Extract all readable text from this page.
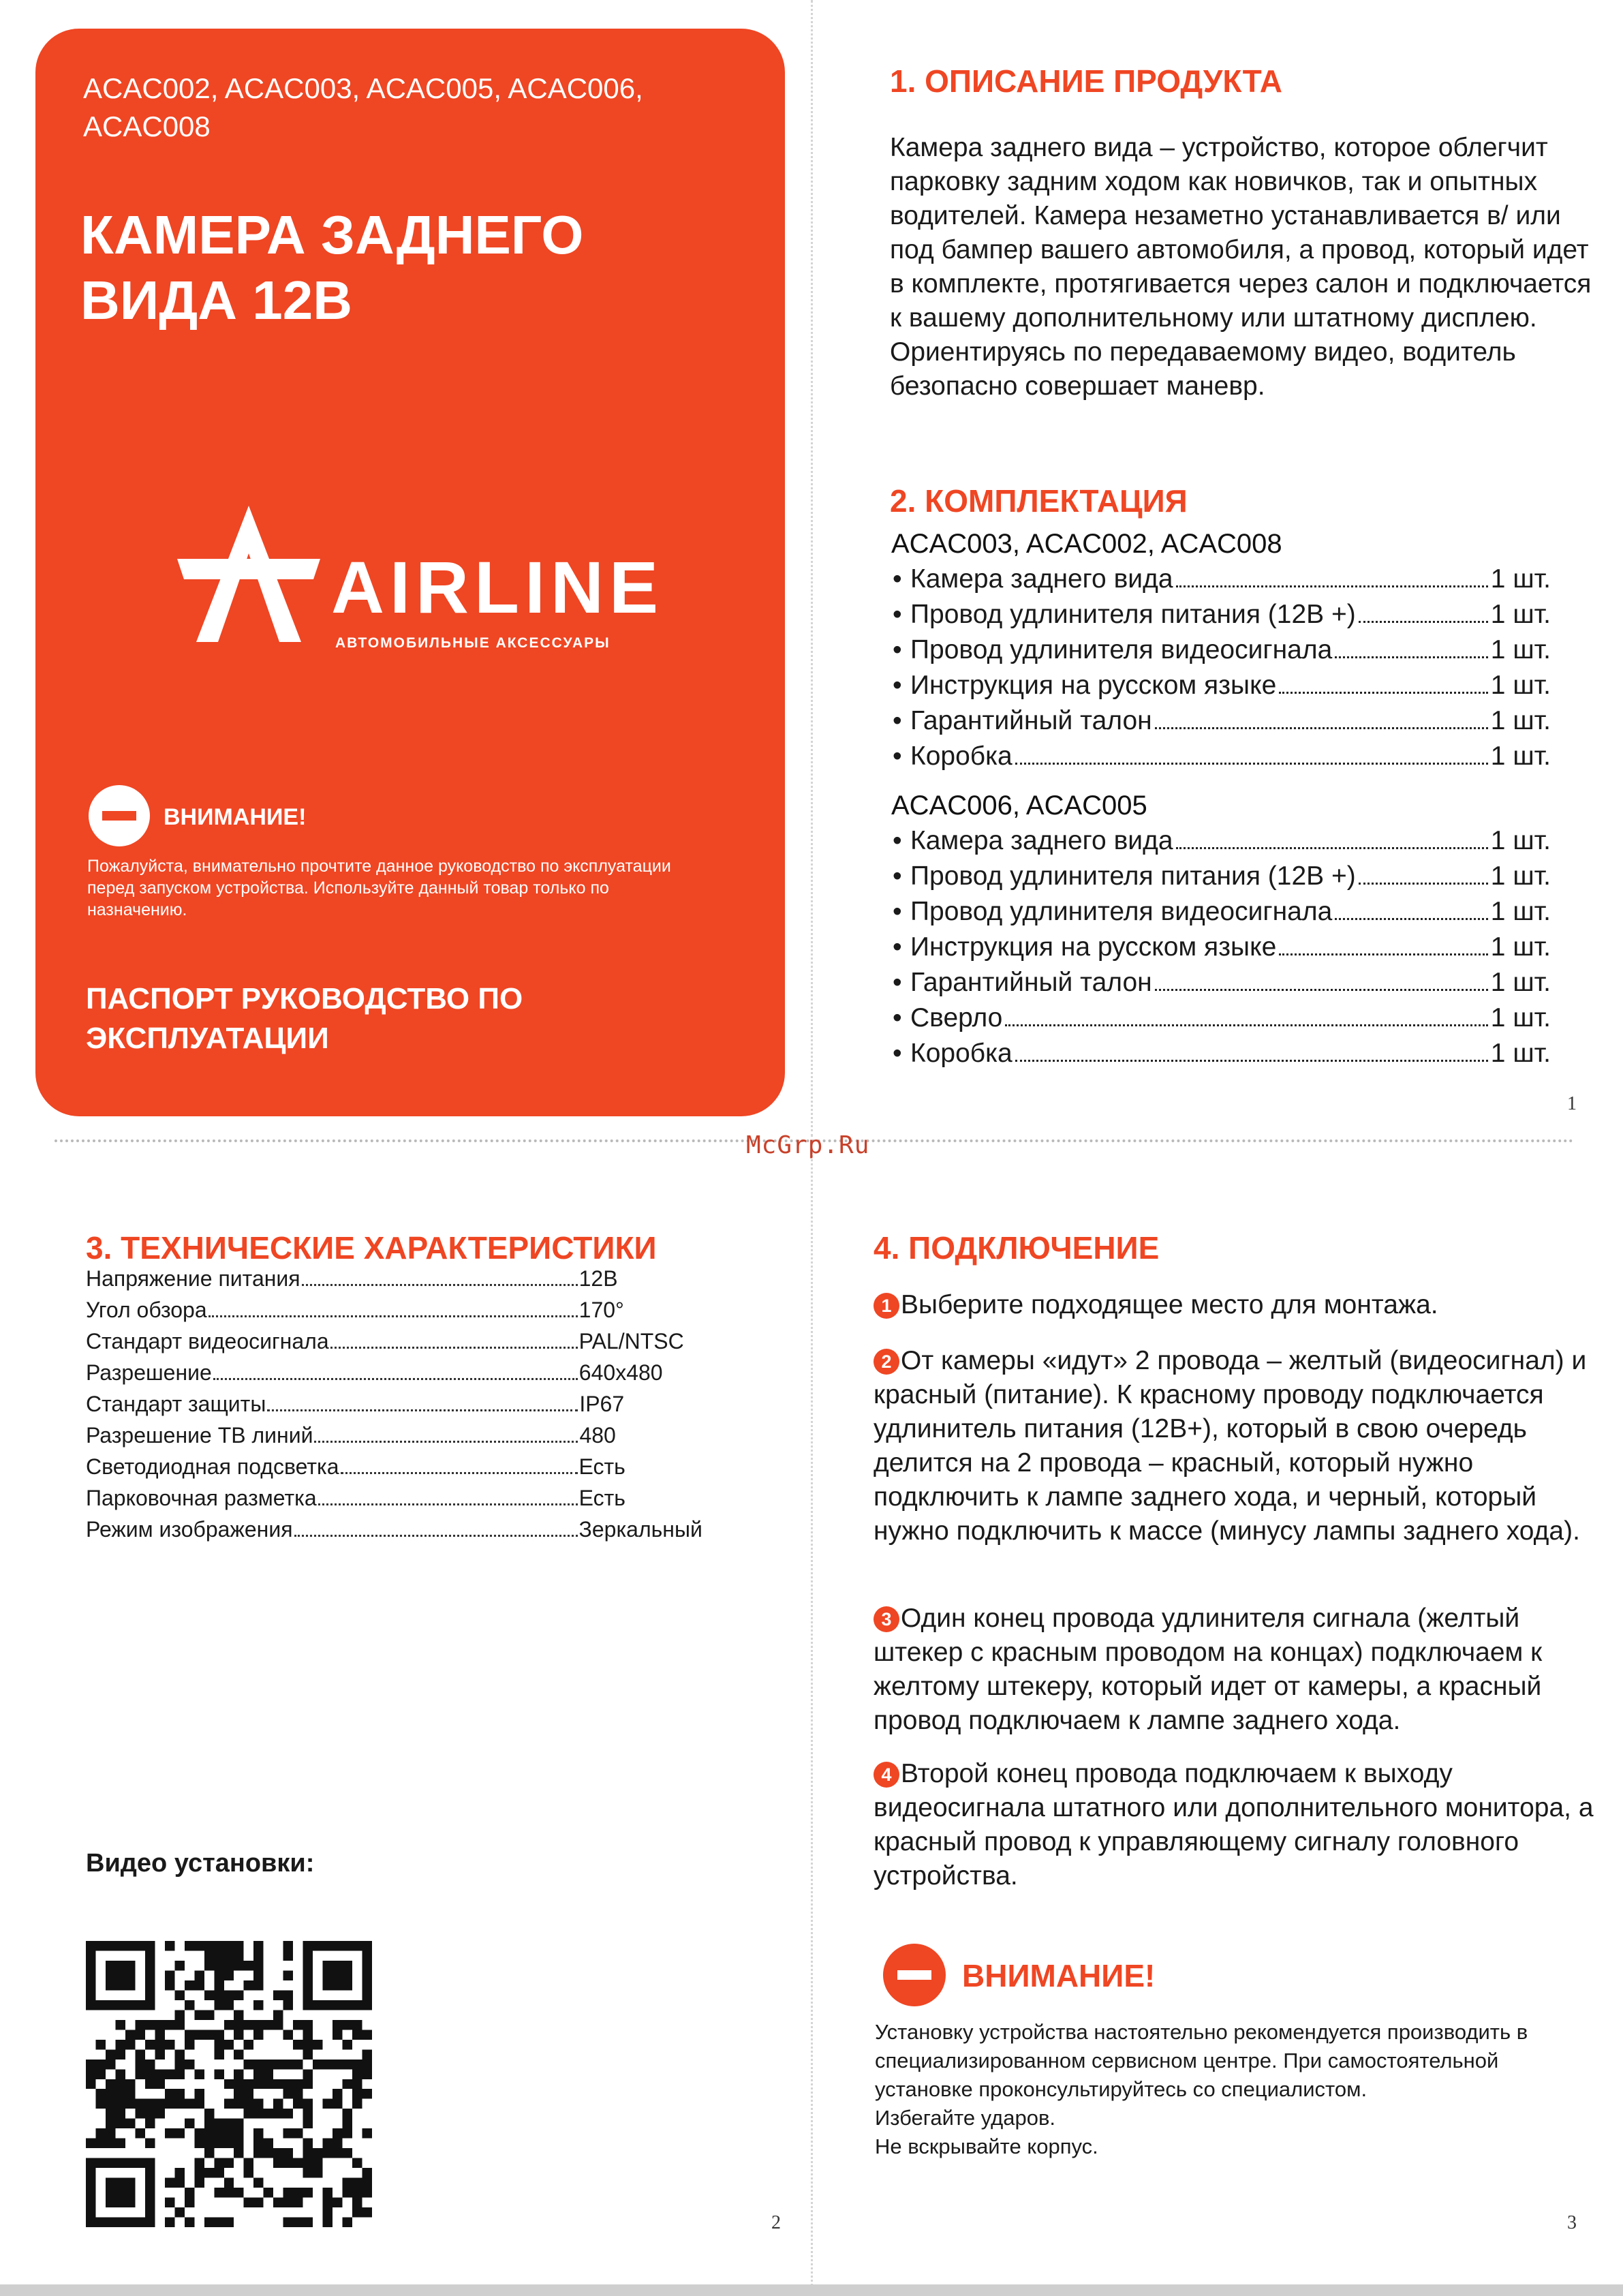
McGrp.Ru
ACAC002, ACAC003, ACAC005, ACAC006, ACAC008
КАМЕРА ЗАДНЕГО ВИДА 12В
AIRLINE
АВТОМОБИЛЬНЫЕ АКСЕССУАРЫ
ВНИМАНИЕ!
Пожалуйста, внимательно прочтите данное руководство по эксплуатации перед запуском устройства. Используйте данный товар только по назначению.
ПАСПОРТ РУКОВОДСТВО ПО ЭКСПЛУАТАЦИИ
1. ОПИСАНИЕ ПРОДУКТА
Камера заднего вида – устройство, которое облегчит парковку задним ходом как новичков, так и опытных водителей. Камера незаметно устанавливается в/ или под бампер вашего автомобиля, а провод, который идет в комплекте, протягивается через салон и подключается к вашему дополнительному или штатному дисплею. Ориентируясь по передаваемому видео, водитель безопасно совершает маневр.
2. КОМПЛЕКТАЦИЯ
ACAC003, ACAC002, ACAC008
• Камера заднего вида	1 шт.
• Провод удлинителя питания (12В +)	1 шт.
• Провод удлинителя видеосигнала	1 шт.
• Инструкция на русском языке	1 шт.
• Гарантийный талон	1 шт.
• Коробка	1 шт.
ACAC006, ACAC005
• Камера заднего вида	1 шт.
• Провод удлинителя питания (12В +)	1 шт.
• Провод удлинителя видеосигнала	1 шт.
• Инструкция на русском языке	1 шт.
• Гарантийный талон	1 шт.
• Сверло	1 шт.
• Коробка	1 шт.
1
3. ТЕХНИЧЕСКИЕ ХАРАКТЕРИСТИКИ
Напряжение питания	12В
Угол обзора	170°
Стандарт видеосигнала	PAL/NTSC
Разрешение	640x480
Стандарт защиты	IP67
Разрешение ТВ линий	480
Светодиодная подсветка	Есть
Парковочная разметка	Есть
Режим изображения	Зеркальный
Видео установки:
2
4. ПОДКЛЮЧЕНИЕ
1 Выберите подходящее место для монтажа.
2 От камеры «идут» 2 провода – желтый (видеосигнал) и красный (питание). К красному проводу подключается удлинитель питания (12В+), который в свою очередь делится на 2 провода – красный, который нужно подключить к лампе заднего хода, и черный, который нужно подключить к массе (минусу лампы заднего хода).
3 Один конец провода удлинителя сигнала (желтый штекер с красным проводом на концах) подключаем к желтому штекеру, который идет от камеры, а красный провод подключаем к лампе заднего хода.
4 Второй конец провода подключаем к выходу видеосигнала штатного или дополнительного монитора, а красный провод к управляющему сигналу головного устройства.
ВНИМАНИЕ!
Установку устройства настоятельно рекомендуется производить в специализированном сервисном центре. При самостоятельной установке проконсультируйтесь со специалистом.
Избегайте ударов.
Не вскрывайте корпус.
3
